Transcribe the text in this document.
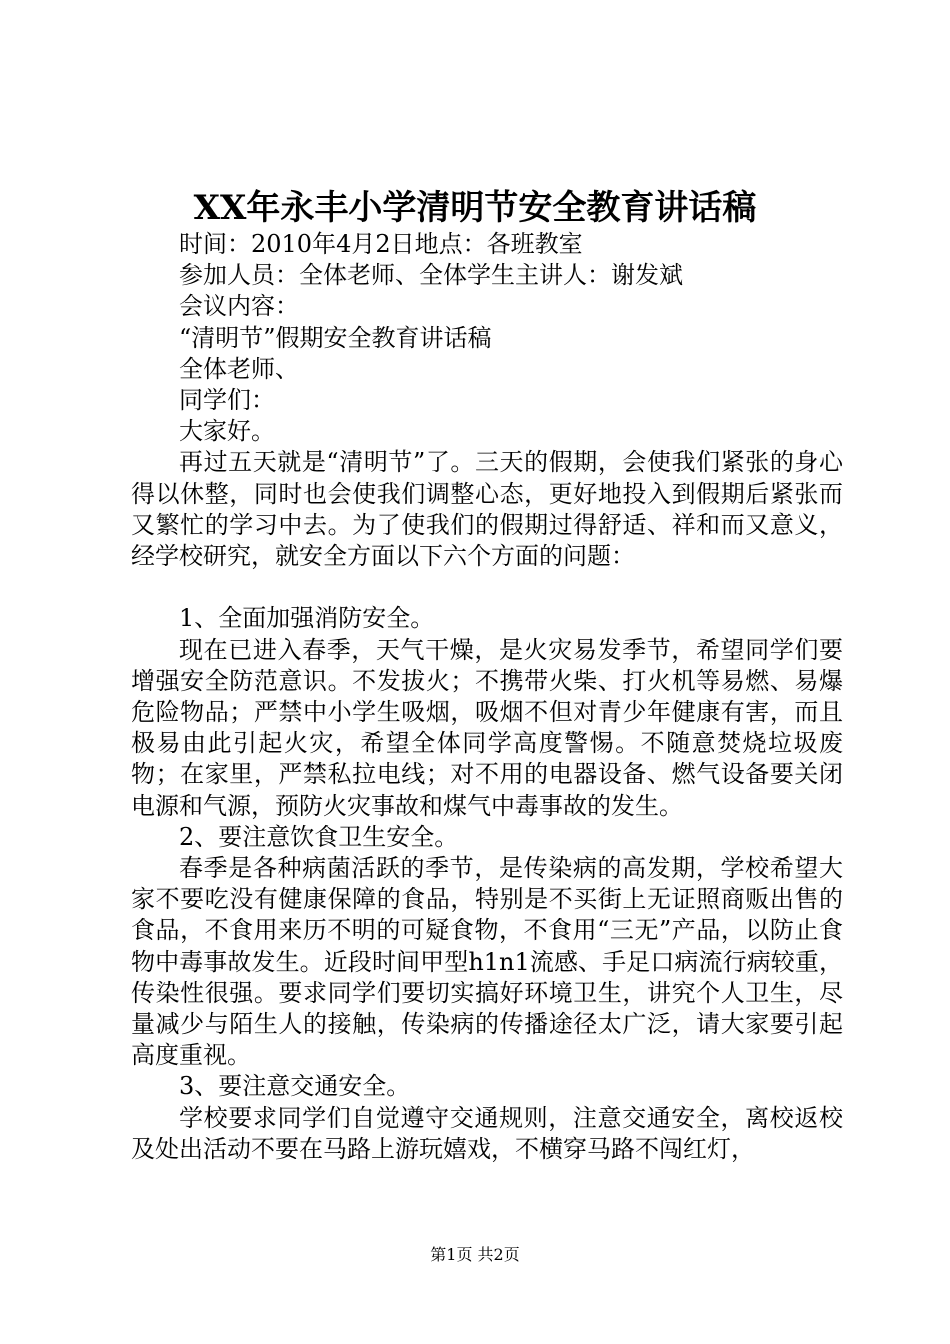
XX年永丰小学清明节安全教育讲话稿

时间：2010年4月2日地点：各班教室

参加人员：全体老师、全体学生主讲人：谢发斌

会议内容：

“清明节”假期安全教育讲话稿

全体老师、

同学们：

大家好。

再过五天就是“清明节”了。三天的假期，会使我们紧张的身心得以休整，同时也会使我们调整心态，更好地投入到假期后紧张而又繁忙的学习中去。为了使我们的假期过得舒适、祥和而又意义，经学校研究，就安全方面以下六个方面的问题：

1、全面加强消防安全。

现在已进入春季，天气干燥，是火灾易发季节，希望同学们要增强安全防范意识。不发拔火；不携带火柴、打火机等易燃、易爆危险物品；严禁中小学生吸烟，吸烟不但对青少年健康有害，而且极易由此引起火灾，希望全体同学高度警惕。不随意焚烧垃圾废物；在家里，严禁私拉电线；对不用的电器设备、燃气设备要关闭电源和气源，预防火灾事故和煤气中毒事故的发生。

2、要注意饮食卫生安全。

春季是各种病菌活跃的季节，是传染病的高发期，学校希望大家不要吃没有健康保障的食品，特别是不买街上无证照商贩出售的食品，不食用来历不明的可疑食物，不食用“三无”产品，以防止食物中毒事故发生。近段时间甲型h1n1流感、手足口病流行病较重，传染性很强。要求同学们要切实搞好环境卫生，讲究个人卫生，尽量减少与陌生人的接触，传染病的传播途径太广泛，请大家要引起高度重视。

3、要注意交通安全。

学校要求同学们自觉遵守交通规则，注意交通安全，离校返校及处出活动不要在马路上游玩嬉戏，不横穿马路不闯红灯，

第1页 共2页
